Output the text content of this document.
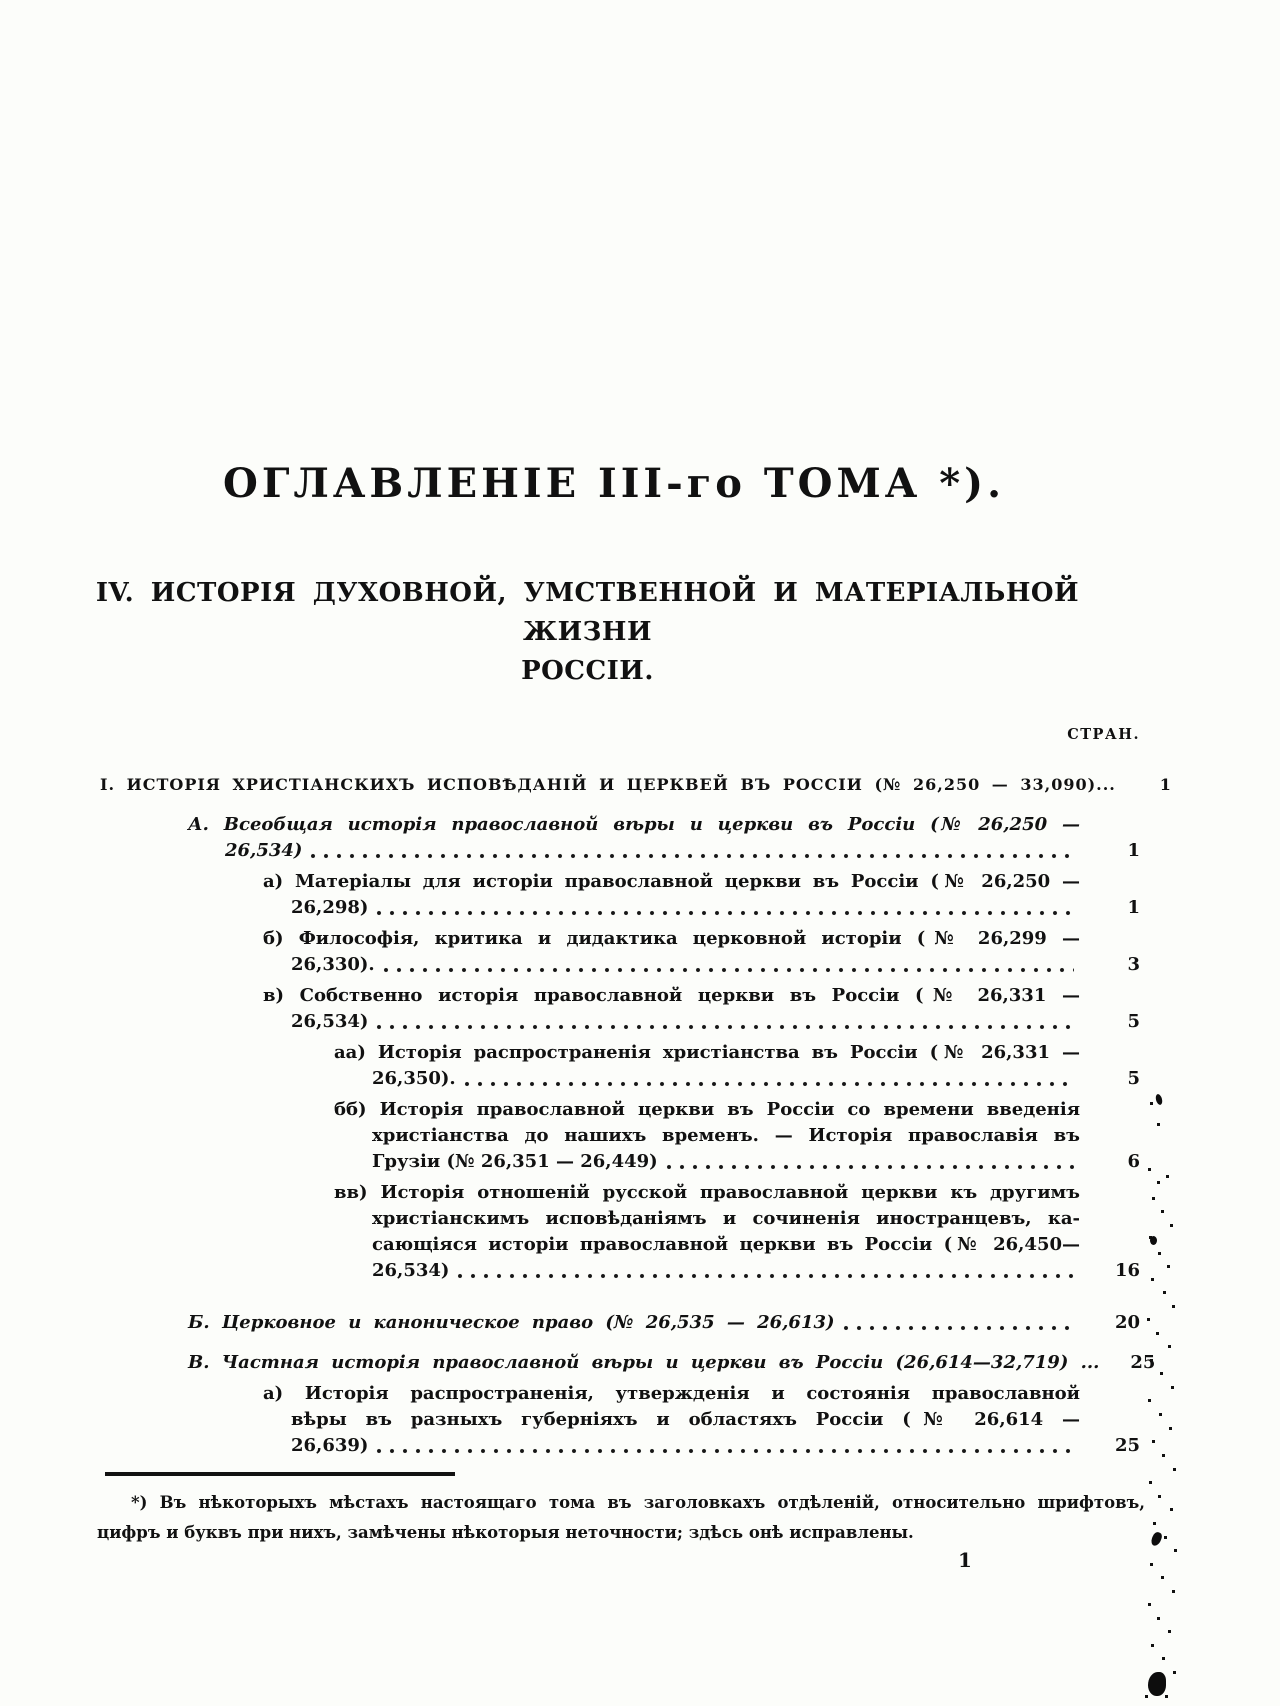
ОГЛАВЛЕНІЕ III-го ТОМА *).
IV. ИСТОРІЯ ДУХОВНОЙ, УМСТВЕННОЙ И МАТЕРІАЛЬНОЙ ЖИЗНИ
РОССІИ.
СТРАН.
I. ИСТОРІЯ ХРИСТІАНСКИХЪ ИСПОВѢДАНІЙ И ЦЕРКВЕЙ ВЪ РОССІИ (№ 26,250 — 33,090)...	1
А. Всеобщая исторія православной вѣры и церкви въ Россіи (№ 26,250 —
26,534)	1
а) Матеріалы для исторіи православной церкви въ Россіи (№ 26,250 —
26,298)	1
б) Философія, критика и дидактика церковной исторіи (№ 26,299 —
26,330).	3
в) Собственно исторія православной церкви въ Россіи (№ 26,331 —
26,534)	5
аа) Исторія распространенія христіанства въ Россіи (№ 26,331 —
26,350).	5
бб) Исторія православной церкви въ Россіи со времени введенія
христіанства до нашихъ временъ. — Исторія православія въ
Грузіи (№ 26,351 — 26,449)	6
вв) Исторія отношеній русской православной церкви къ другимъ
христіанскимъ исповѣданіямъ и сочиненія иностранцевъ, ка-
сающіяся исторіи православной церкви въ Россіи (№ 26,450—
26,534)	16
Б. Церковное и каноническое право (№ 26,535 — 26,613)	20
В. Частная исторія православной вѣры и церкви въ Россіи (26,614—32,719) ...	25
а) Исторія распространенія, утвержденія и состоянія православной
вѣры въ разныхъ губерніяхъ и областяхъ Россіи (№ 26,614 —
26,639)	25
*) Въ нѣкоторыхъ мѣстахъ настоящаго тома въ заголовкахъ отдѣленій, относительно шрифтовъ,
цифръ и буквъ при нихъ, замѣчены нѣкоторыя неточности; здѣсь онѣ исправлены.
1
